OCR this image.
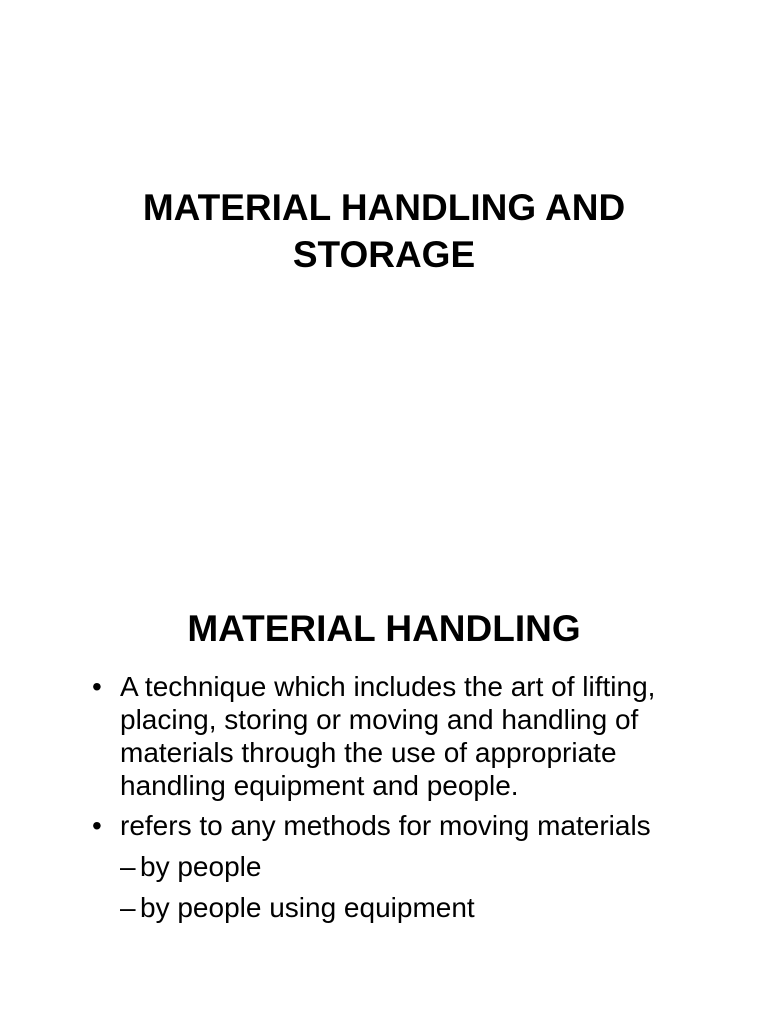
MATERIAL HANDLING AND
STORAGE
MATERIAL HANDLING
• A technique which includes the art of lifting, placing, storing or moving and handling of materials through the use of appropriate handling equipment and people.
• refers to any methods for moving materials
– by people
– by people using equipment
